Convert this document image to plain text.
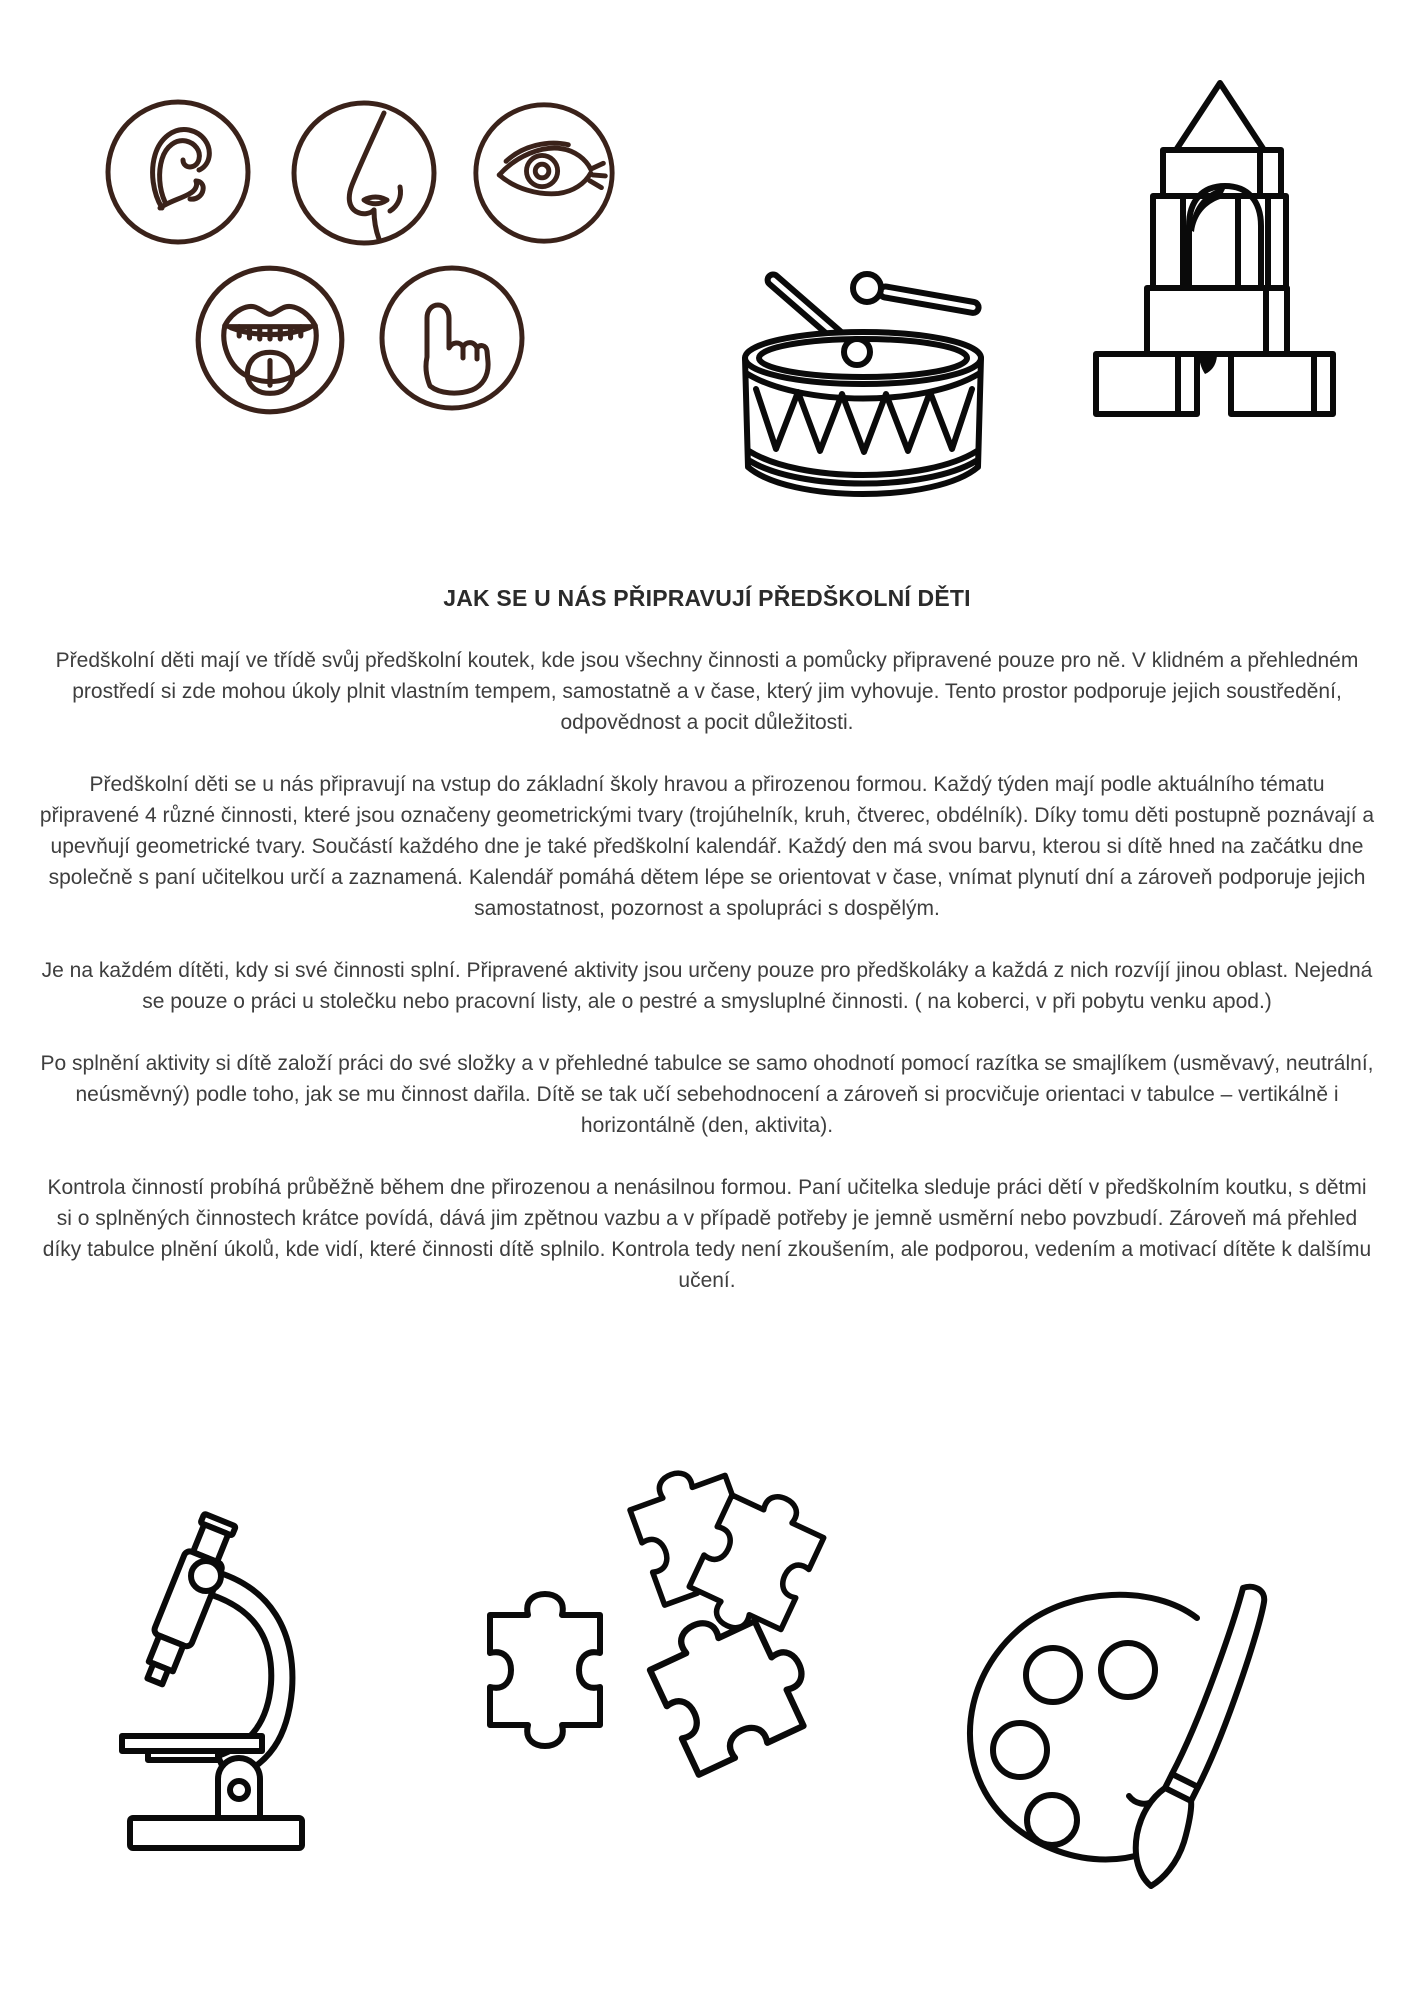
JAK SE U NÁS PŘIPRAVUJÍ PŘEDŠKOLNÍ DĚTI

Předškolní děti mají ve třídě svůj předškolní koutek, kde jsou všechny činnosti a pomůcky připravené pouze pro ně. V klidném a přehledném prostředí si zde mohou úkoly plnit vlastním tempem, samostatně a v čase, který jim vyhovuje. Tento prostor podporuje jejich soustředění, odpovědnost a pocit důležitosti.

Předškolní děti se u nás připravují na vstup do základní školy hravou a přirozenou formou. Každý týden mají podle aktuálního tématu připravené 4 různé činnosti, které jsou označeny geometrickými tvary (trojúhelník, kruh, čtverec, obdélník). Díky tomu děti postupně poznávají a upevňují geometrické tvary. Součástí každého dne je také předškolní kalendář. Každý den má svou barvu, kterou si dítě hned na začátku dne společně s paní učitelkou určí a zaznamená. Kalendář pomáhá dětem lépe se orientovat v čase, vnímat plynutí dní a zároveň podporuje jejich samostatnost, pozornost a spolupráci s dospělým.

Je na každém dítěti, kdy si své činnosti splní. Připravené aktivity jsou určeny pouze pro předškoláky a každá z nich rozvíjí jinou oblast. Nejedná se pouze o práci u stolečku nebo pracovní listy, ale o pestré a smysluplné činnosti. ( na koberci, v při pobytu venku apod.)

Po splnění aktivity si dítě založí práci do své složky a v přehledné tabulce se samo ohodnotí pomocí razítka se smajlíkem (usměvavý, neutrální, neúsměvný) podle toho, jak se mu činnost dařila. Dítě se tak učí sebehodnocení a zároveň si procvičuje orientaci v tabulce – vertikálně i horizontálně (den, aktivita).

Kontrola činností probíhá průběžně během dne přirozenou a nenásilnou formou. Paní učitelka sleduje práci dětí v předškolním koutku, s dětmi si o splněných činnostech krátce povídá, dává jim zpětnou vazbu a v případě potřeby je jemně usměrní nebo povzbudí. Zároveň má přehled díky tabulce plnění úkolů, kde vidí, které činnosti dítě splnilo. Kontrola tedy není zkoušením, ale podporou, vedením a motivací dítěte k dalšímu učení.
